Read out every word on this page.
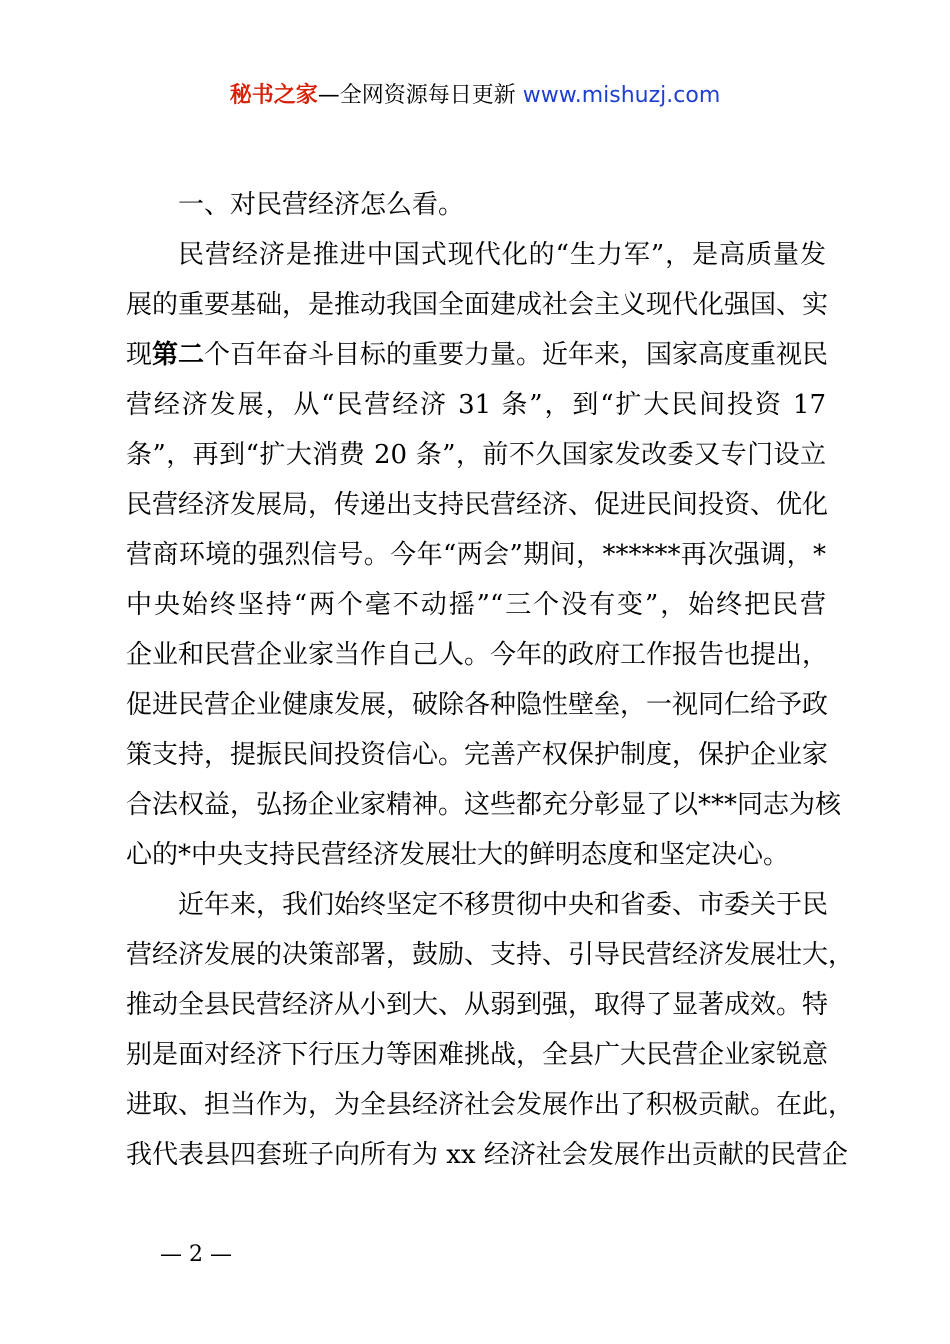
秘书之家—全网资源每日更新 www.mishuzj.com
一、对民营经济怎么看。
民营经济是推进中国式现代化的“生力军”，是高质量发
展的重要基础，是推动我国全面建成社会主义现代化强国、实
现第二个百年奋斗目标的重要力量。近年来，国家高度重视民
营经济发展，从“民营经济 31 条”，到“扩大民间投资 17
条”，再到“扩大消费 20 条”，前不久国家发改委又专门设立
民营经济发展局，传递出支持民营经济、促进民间投资、优化
营商环境的强烈信号。今年“两会”期间，******再次强调，*
中央始终坚持“两个毫不动摇”“三个没有变”，始终把民营
企业和民营企业家当作自己人。今年的政府工作报告也提出，
促进民营企业健康发展，破除各种隐性壁垒，一视同仁给予政
策支持，提振民间投资信心。完善产权保护制度，保护企业家
合法权益，弘扬企业家精神。这些都充分彰显了以***同志为核
心的*中央支持民营经济发展壮大的鲜明态度和坚定决心。
近年来，我们始终坚定不移贯彻中央和省委、市委关于民
营经济发展的决策部署，鼓励、支持、引导民营经济发展壮大，
推动全县民营经济从小到大、从弱到强，取得了显著成效。特
别是面对经济下行压力等困难挑战，全县广大民营企业家锐意
进取、担当作为，为全县经济社会发展作出了积极贡献。在此，
我代表县四套班子向所有为 xx 经济社会发展作出贡献的民营企
— 2 —
